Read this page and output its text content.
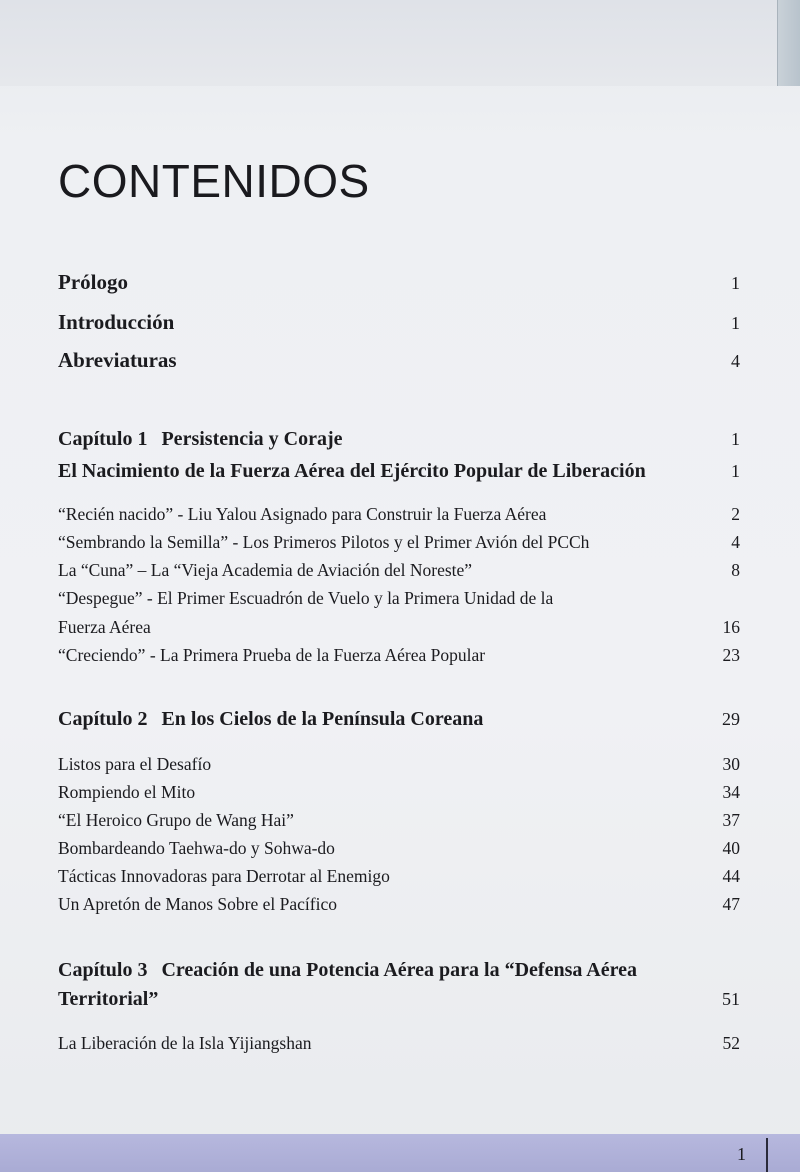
CONTENIDOS
Prólogo	1
Introducción	1
Abreviaturas	4
Capítulo 1 Persistencia y Coraje	1
El Nacimiento de la Fuerza Aérea del Ejército Popular de Liberación	1
“Recién nacido” - Liu Yalou Asignado para Construir la Fuerza Aérea	2
“Sembrando la Semilla” - Los Primeros Pilotos y el Primer Avión del PCCh	4
La “Cuna” – La “Vieja Academia de Aviación del Noreste”	8
“Despegue” - El Primer Escuadrón de Vuelo y la Primera Unidad de la
Fuerza Aérea	16
“Creciendo” - La Primera Prueba de la Fuerza Aérea Popular	23
Capítulo 2 En los Cielos de la Península Coreana	29
Listos para el Desafío	30
Rompiendo el Mito	34
“El Heroico Grupo de Wang Hai”	37
Bombardeando Taehwa-do y Sohwa-do	40
Tácticas Innovadoras para Derrotar al Enemigo	44
Un Apretón de Manos Sobre el Pacífico	47
Capítulo 3 Creación de una Potencia Aérea para la “Defensa Aérea
Territorial”	51
La Liberación de la Isla Yijiangshan	52
1
